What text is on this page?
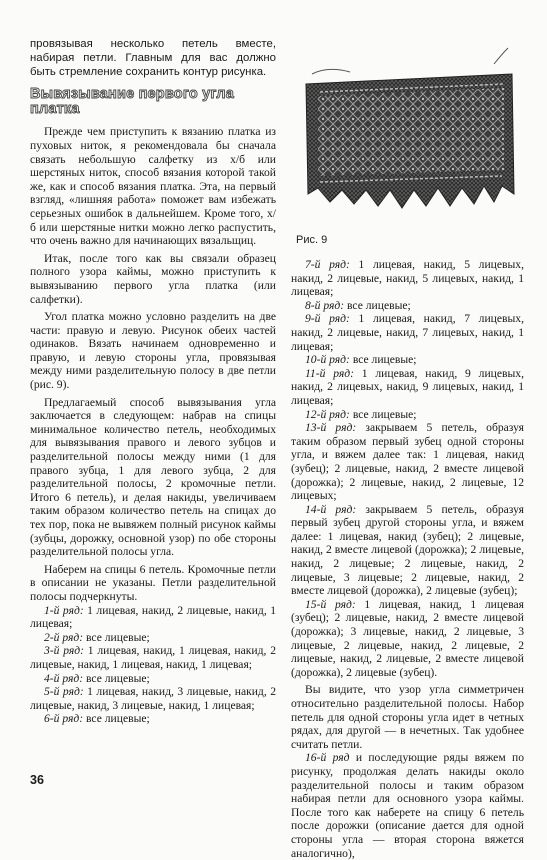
провязывая несколько петель вместе, набирая петли. Главным для вас должно быть стремление сохранить контур рисунка.

Вывязывание первого угла платка

Прежде чем приступить к вязанию платка из пуховых ниток, я рекомендовала бы сначала связать небольшую салфетку из х/б или шерстяных ниток, способ вязания которой такой же, как и способ вязания платка. Эта, на первый взгляд, «лишняя работа» поможет вам избежать серьезных ошибок в дальнейшем. Кроме того, х/б или шерстяные нитки можно легко распустить, что очень важно для начинающих вязальщиц.

Итак, после того как вы связали образец полного узора каймы, можно приступить к вывязыванию первого угла платка (или салфетки).

Угол платка можно условно разделить на две части: правую и левую. Рисунок обеих частей одинаков. Вязать начинаем одновременно и правую, и левую стороны угла, провязывая между ними разделительную полосу в две петли (рис. 9).

Предлагаемый способ вывязывания угла заключается в следующем: набрав на спицы минимальное количество петель, необходимых для вывязывания правого и левого зубцов и разделительной полосы между ними (1 для правого зубца, 1 для левого зубца, 2 для разделительной полосы, 2 кромочные петли. Итого 6 петель), и делая накиды, увеличиваем таким образом количество петель на спицах до тех пор, пока не вывяжем полный рисунок каймы (зубцы, дорожку, основной узор) по обе стороны разделительной полосы угла.

Наберем на спицы 6 петель. Кромочные петли в описании не указаны. Петли разделительной полосы подчеркнуты.

1-й ряд: 1 лицевая, накид, 2 лицевые, накид, 1 лицевая;

2-й ряд: все лицевые;

3-й ряд: 1 лицевая, накид, 1 лицевая, накид, 2 лицевые, накид, 1 лицевая, накид, 1 лицевая;

4-й ряд: все лицевые;

5-й ряд: 1 лицевая, накид, 3 лицевые, накид, 2 лицевые, накид, 3 лицевые, накид, 1 лицевая;

6-й ряд: все лицевые;

Рис. 9

7-й ряд: 1 лицевая, накид, 5 лицевых, накид, 2 лицевые, накид, 5 лицевых, накид, 1 лицевая;

8-й ряд: все лицевые;

9-й ряд: 1 лицевая, накид, 7 лицевых, накид, 2 лицевые, накид, 7 лицевых, накид, 1 лицевая;

10-й ряд: все лицевые;

11-й ряд: 1 лицевая, накид, 9 лицевых, накид, 2 лицевых, накид, 9 лицевых, накид, 1 лицевая;

12-й ряд: все лицевые;

13-й ряд: закрываем 5 петель, образуя таким образом первый зубец одной стороны угла, и вяжем далее так: 1 лицевая, накид (зубец); 2 лицевые, накид, 2 вместе лицевой (дорожка); 2 лицевые, накид, 2 лицевые, 12 лицевых;

14-й ряд: закрываем 5 петель, образуя первый зубец другой стороны угла, и вяжем далее: 1 лицевая, накид (зубец); 2 лицевые, накид, 2 вместе лицевой (дорожка); 2 лицевые, накид, 2 лицевые; 2 лицевые, накид, 2 лицевые, 3 лицевые; 2 лицевые, накид, 2 вместе лицевой (дорожка), 2 лицевые (зубец);

15-й ряд: 1 лицевая, накид, 1 лицевая (зубец); 2 лицевые, накид, 2 вместе лицевой (дорожка); 3 лицевые, накид, 2 лицевые, 3 лицевые, 2 лицевые, накид, 2 лицевые, 2 лицевые, накид, 2 лицевые, 2 вместе лицевой (дорожка), 2 лицевые (зубец).

Вы видите, что узор угла симметричен относительно разделительной полосы. Набор петель для одной стороны угла идет в четных рядах, для другой — в нечетных. Так удобнее считать петли.

16-й ряд и последующие ряды вяжем по рисунку, продолжая делать накиды около разделительной полосы и таким образом набирая петли для основного узора каймы. После того как наберете на спицу 6 петель после дорожки (описание дается для одной стороны угла — вторая сторона вяжется аналогично),

36
